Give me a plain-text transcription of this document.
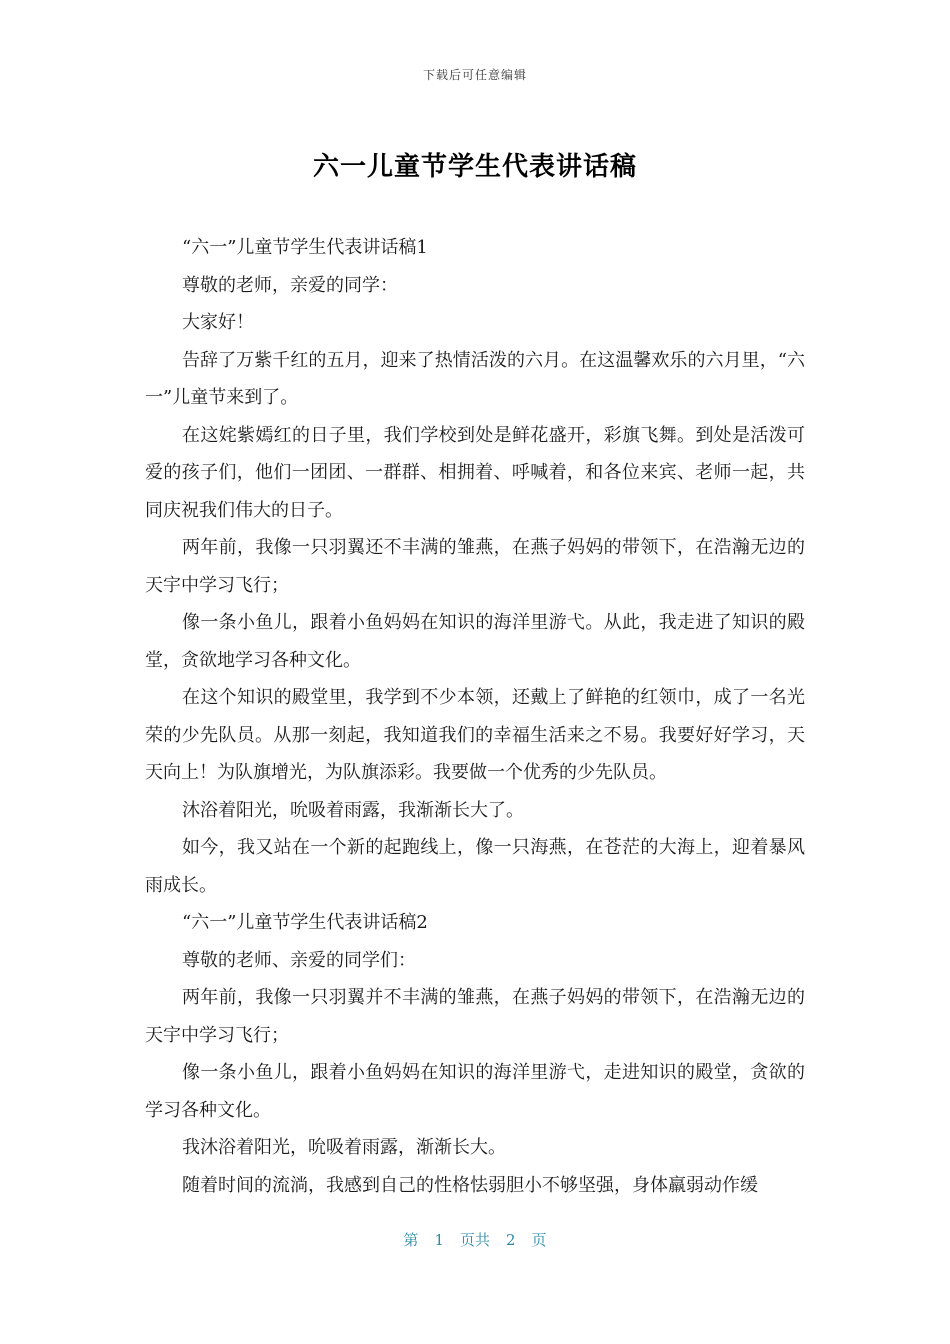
下载后可任意编辑
六一儿童节学生代表讲话稿

“六一”儿童节学生代表讲话稿1

尊敬的老师，亲爱的同学：

大家好！

告辞了万紫千红的五月，迎来了热情活泼的六月。在这温馨欢乐的六月里，“六一”儿童节来到了。

在这姹紫嫣红的日子里，我们学校到处是鲜花盛开，彩旗飞舞。到处是活泼可爱的孩子们，他们一团团、一群群、相拥着、呼喊着，和各位来宾、老师一起，共同庆祝我们伟大的日子。

两年前，我像一只羽翼还不丰满的雏燕，在燕子妈妈的带领下，在浩瀚无边的天宇中学习飞行；

像一条小鱼儿，跟着小鱼妈妈在知识的海洋里游弋。从此，我走进了知识的殿堂，贪欲地学习各种文化。

在这个知识的殿堂里，我学到不少本领，还戴上了鲜艳的红领巾，成了一名光荣的少先队员。从那一刻起，我知道我们的幸福生活来之不易。我要好好学习，天天向上！为队旗增光，为队旗添彩。我要做一个优秀的少先队员。

沐浴着阳光，吮吸着雨露，我渐渐长大了。

如今，我又站在一个新的起跑线上，像一只海燕，在苍茫的大海上，迎着暴风雨成长。

“六一”儿童节学生代表讲话稿2

尊敬的老师、亲爱的同学们：

两年前，我像一只羽翼并不丰满的雏燕，在燕子妈妈的带领下，在浩瀚无边的天宇中学习飞行；

像一条小鱼儿，跟着小鱼妈妈在知识的海洋里游弋，走进知识的殿堂，贪欲的学习各种文化。

我沐浴着阳光，吮吸着雨露，渐渐长大。

随着时间的流淌，我感到自己的性格怯弱胆小不够坚强，身体羸弱动作缓

第 1 页共 2 页
